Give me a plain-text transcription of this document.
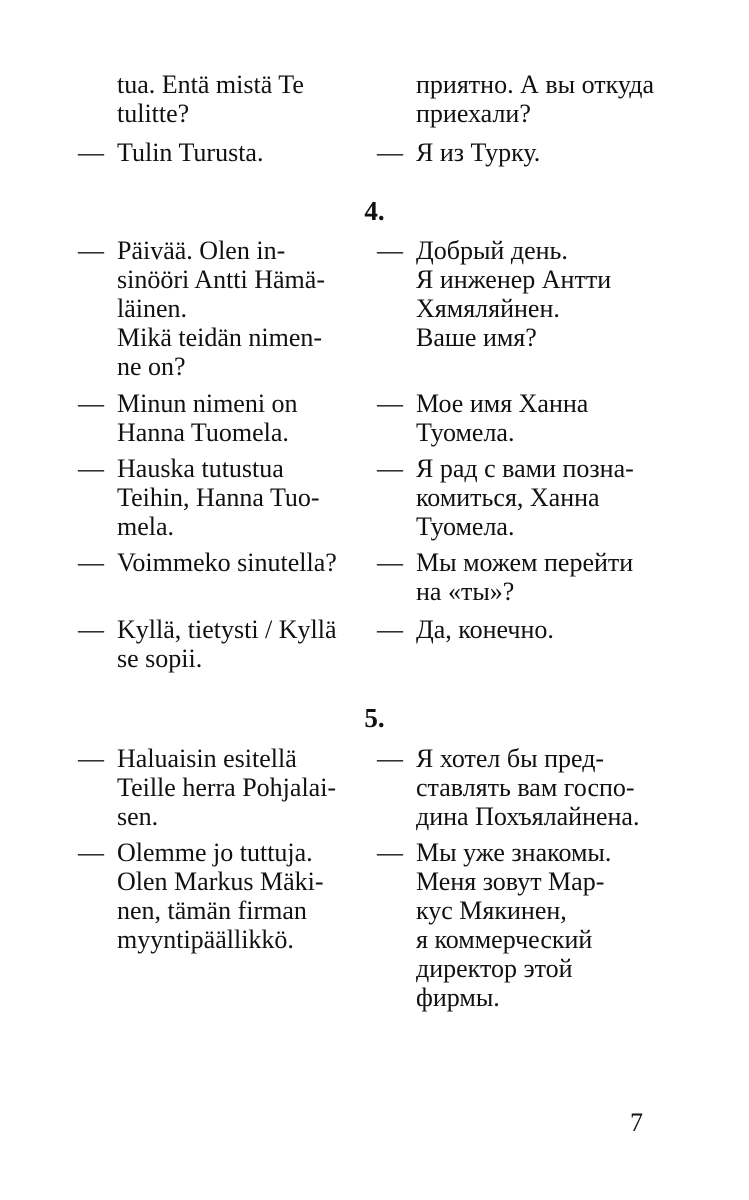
tua. Entä mistä Te
tulitte?
приятно. А вы откуда
приехали?
— Tulin Turusta.	— Я из Турку.
4.
— Päivää. Olen in-
sinööri Antti Hämä-
läinen.
Mikä teidän nimen-
ne on?
— Добрый день.
Я инженер Антти
Хямяляйнен.
Ваше имя?
— Minun nimeni on
Hanna Tuomela.
— Мое имя Ханна
Туомела.
— Hauska tutustua
Teihin, Hanna Tuo-
mela.
— Я рад с вами позна-
комиться, Ханна
Туомела.
— Voimmeko sinutella?	— Мы можем перейти
на «ты»?
— Kyllä, tietysti / Kyllä
se sopii.
— Да, конечно.
5.
— Haluaisin esitellä
Teille herra Pohjalai-
sen.
— Я хотел бы пред-
ставлять вам госпо-
дина Похъялайнена.
— Olemme jo tuttuja.
Olen Markus Mäki-
nen, tämän firman
myyntipäällikkö.
— Мы уже знакомы.
Меня зовут Мар-
кус Мякинен,
я коммерческий
директор этой
фирмы.
7
